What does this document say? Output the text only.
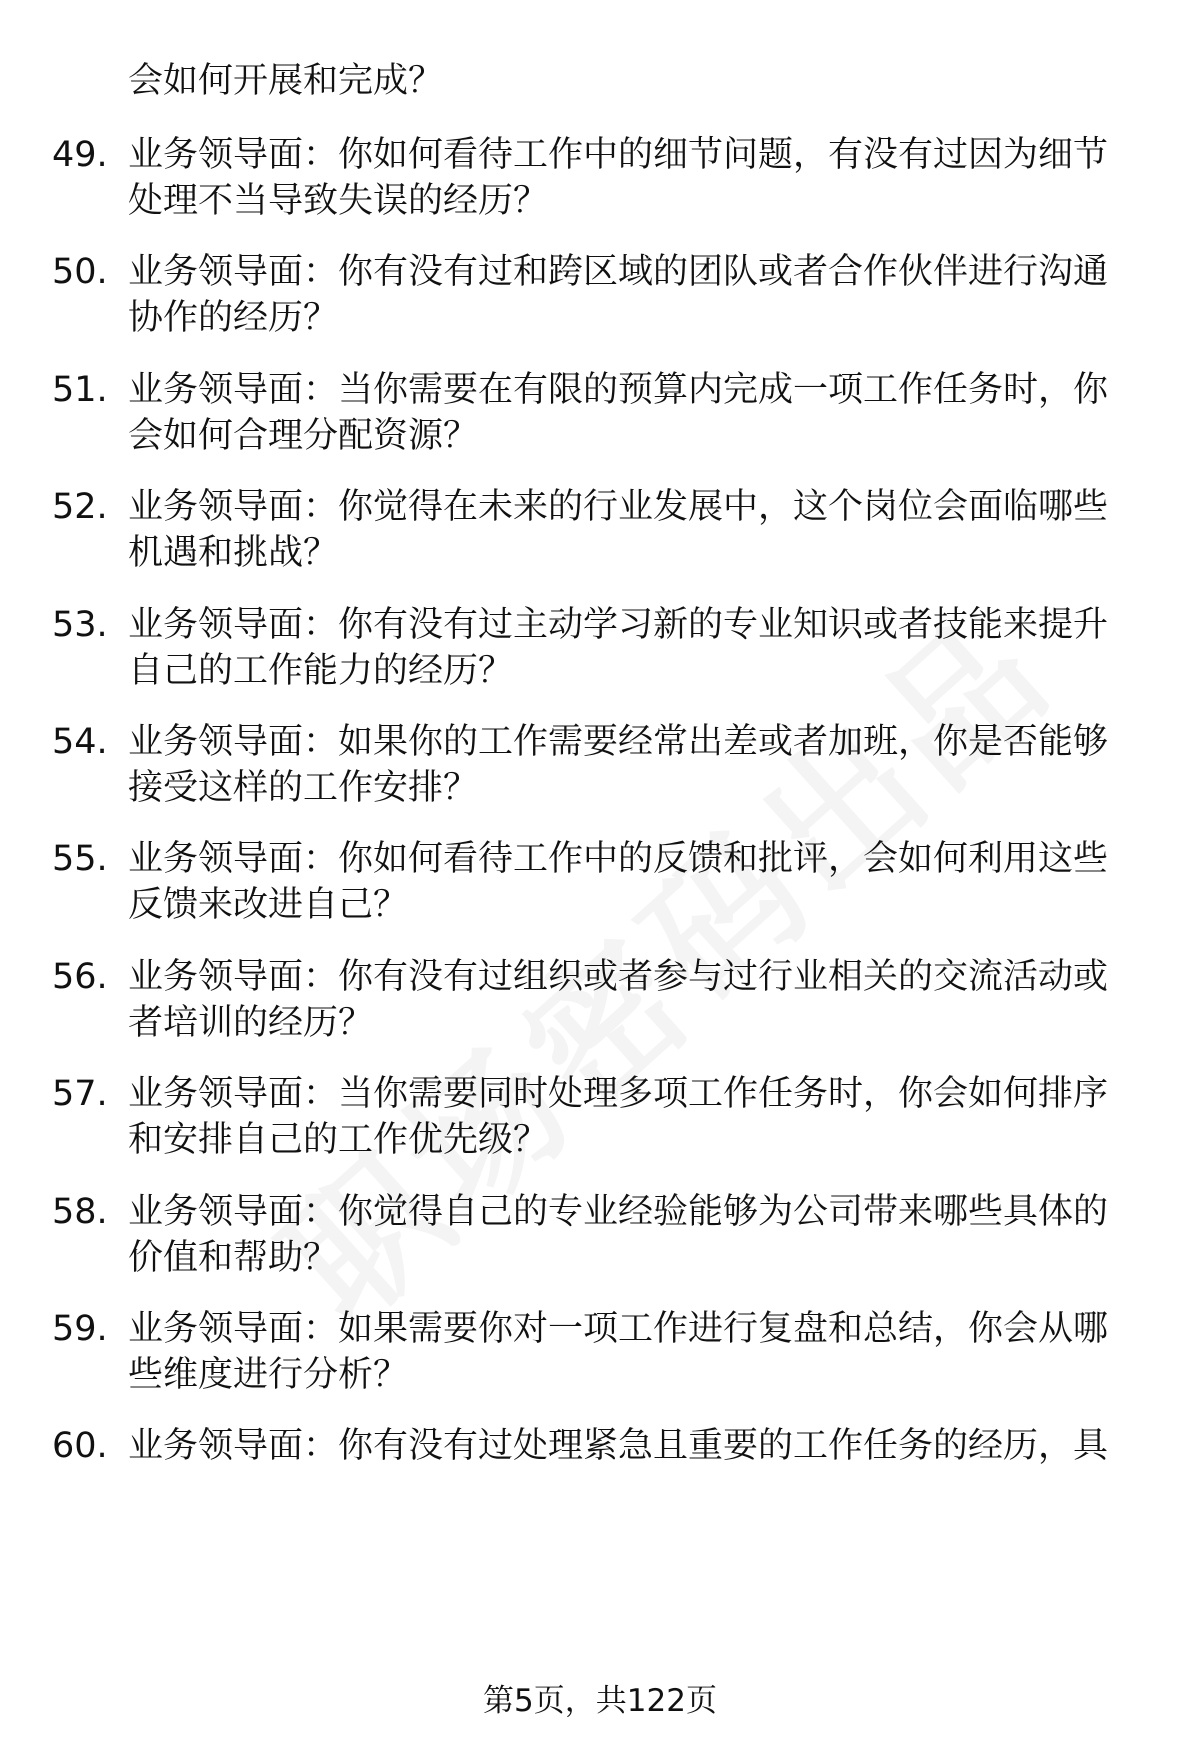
会如何开展和完成？
49. 业务领导面：你如何看待工作中的细节问题，有没有过因为细节
处理不当导致失误的经历？
50. 业务领导面：你有没有过和跨区域的团队或者合作伙伴进行沟通
协作的经历？
51. 业务领导面：当你需要在有限的预算内完成一项工作任务时，你
会如何合理分配资源？
52. 业务领导面：你觉得在未来的行业发展中，这个岗位会面临哪些
机遇和挑战？
53. 业务领导面：你有没有过主动学习新的专业知识或者技能来提升
自己的工作能力的经历？
54. 业务领导面：如果你的工作需要经常出差或者加班，你是否能够
接受这样的工作安排？
55. 业务领导面：你如何看待工作中的反馈和批评，会如何利用这些
反馈来改进自己？
56. 业务领导面：你有没有过组织或者参与过行业相关的交流活动或
者培训的经历？
57. 业务领导面：当你需要同时处理多项工作任务时，你会如何排序
和安排自己的工作优先级？
58. 业务领导面：你觉得自己的专业经验能够为公司带来哪些具体的
价值和帮助？
59. 业务领导面：如果需要你对一项工作进行复盘和总结，你会从哪
些维度进行分析？
60. 业务领导面：你有没有过处理紧急且重要的工作任务的经历，具
第5页，共122页
